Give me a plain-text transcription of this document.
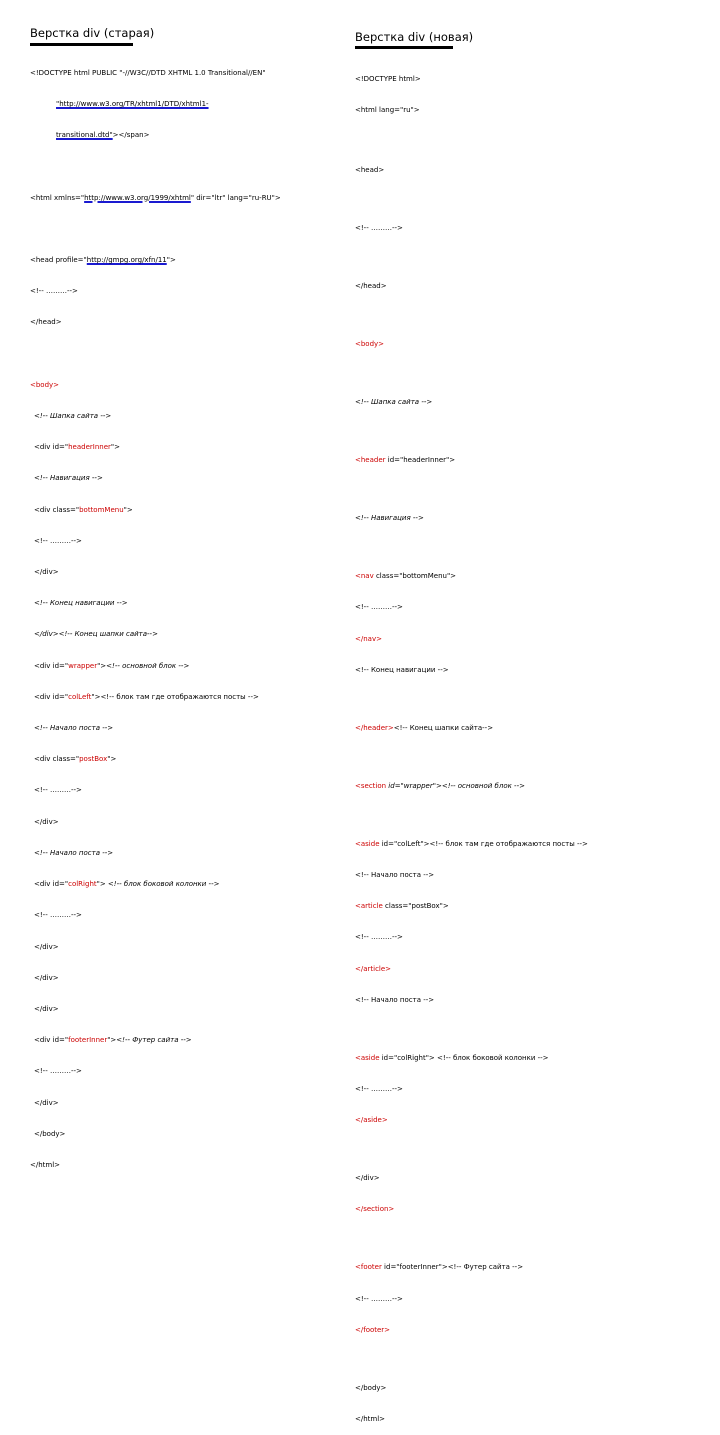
Верстка div (старая)

<!DOCTYPE html PUBLIC "-//W3C//DTD XHTML 1.0 Transitional//EN"

"http://www.w3.org/TR/xhtml1/DTD/xhtml1-

transitional.dtd"></span>

<html xmlns="http://www.w3.org/1999/xhtml" dir="ltr" lang="ru-RU">

<head profile="http://gmpg.org/xfn/11">

<!-- ………-->

</head>

<body>

<!-- Шапка сайта -->

<div id="headerInner">

<!-- Навигация -->

<div class="bottomMenu">

<!-- ………-->

</div>

<!-- Конец навигации -->

</div><!-- Конец шапки сайта-->

<div id="wrapper"><!-- основной блок -->

<div id="colLeft"><!-- блок там где отображаются посты -->

<!-- Начало поста -->

<div class="postBox">

<!-- ………-->

</div>

<!-- Начало поста -->

<div id="colRight"> <!-- блок боковой колонки -->

<!-- ………-->

</div>

</div>

</div>

<div id="footerInner"><!-- Футер сайта -->

<!-- ………-->

</div>

</body>

</html>

Верстка div (новая)

<!DOCTYPE html>

<html lang="ru">

<head>

<!-- ………-->

</head>

<body>

<!-- Шапка сайта -->

<header id="headerInner">

<!-- Навигация -->

<nav class="bottomMenu">

<!-- ………-->

</nav>

<!-- Конец навигации -->

</header><!-- Конец шапки сайта-->

<section id="wrapper"><!-- основной блок -->

<aside id="colLeft"><!-- блок там где отображаются посты -->

<!-- Начало поста -->

<article class="postBox">

<!-- ………-->

</article>

<!-- Начало поста -->

<aside id="colRight"> <!-- блок боковой колонки -->

<!-- ………-->

</aside>

</div>

</section>

<footer id="footerInner"><!-- Футер сайта -->

<!-- ………-->

</footer>

</body>

</html>
